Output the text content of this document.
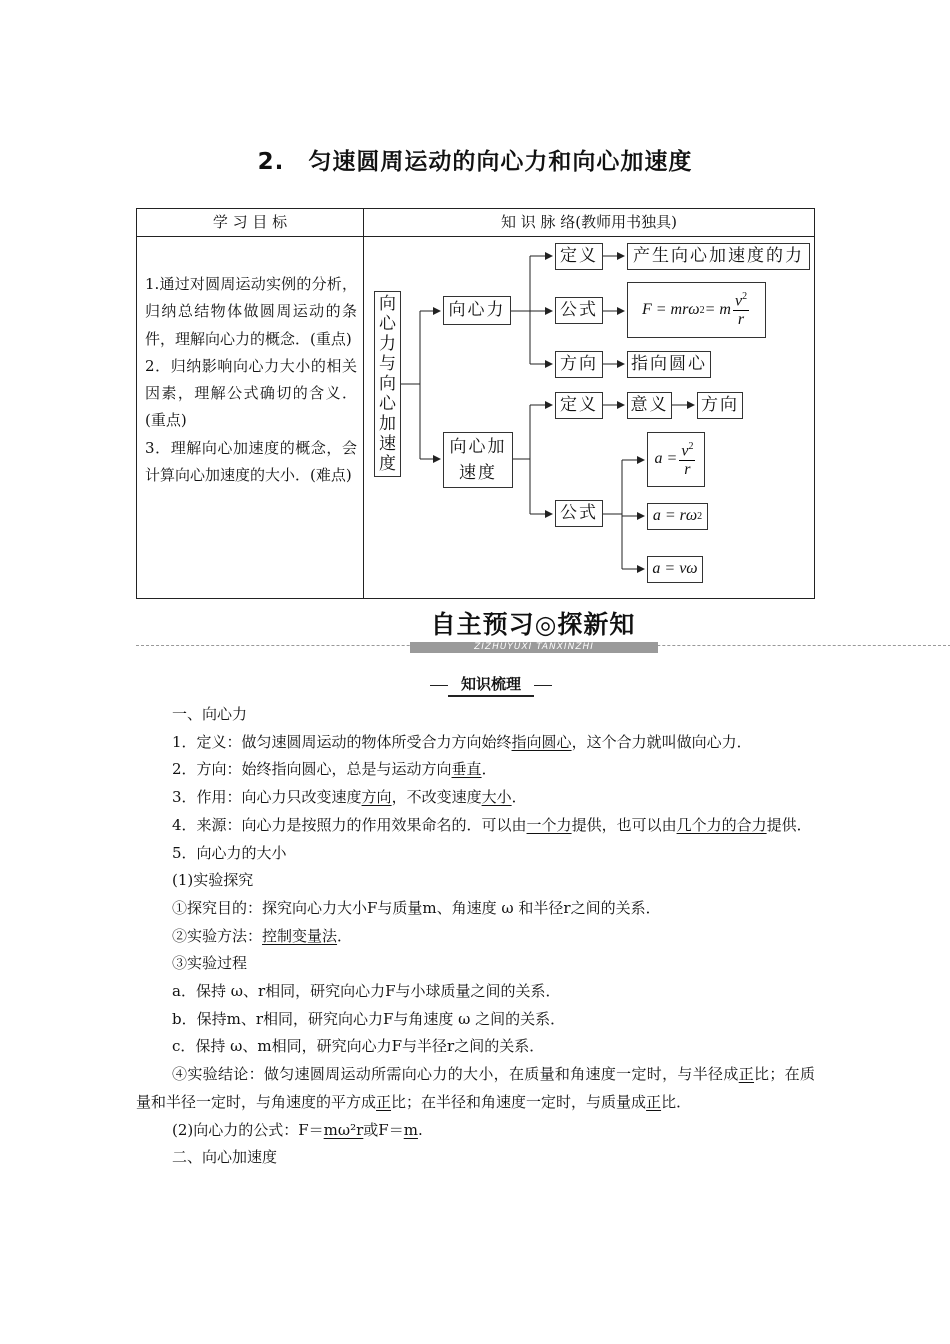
2.　匀速圆周运动的向心力和向心加速度
学 习 目 标	知 识 脉 络(教师用书独具)

1.通过对圆周运动实例的分析，归纳总结物体做圆周运动的条件，理解向心力的概念．(重点)

2．归纳影响向心力大小的相关因素，理解公式确切的含义．(重点)

3．理解向心加速度的概念，会计算向心加速度的大小．(难点)

向心力与向心加速度
向心力
向心加速度
定义	产生向心加速度的力
公式	F = mrω 2 = m $\frac{v^2}{r}$
方向 指向圆心
定义 意义 方向
公式
$a = \frac{v^2}{r}$
a = rω 2
a = vω
自主预习◎探新知
ZIZHUYUXI TANXINZHI
知识梳理

一、向心力

1．定义：做匀速圆周运动的物体所受合力方向始终指向圆心，这个合力就叫做向心力．

2．方向：始终指向圆心，总是与运动方向垂直．

3．作用：向心力只改变速度方向，不改变速度大小．

4．来源：向心力是按照力的作用效果命名的．可以由一个力提供，也可以由几个力的合力提供．

5．向心力的大小

(1)实验探究

①探究目的：探究向心力大小F与质量m、角速度 ω 和半径r之间的关系．

②实验方法：控制变量法．

③实验过程

a．保持 ω、r相同，研究向心力F与小球质量之间的关系．

b．保持m、r相同，研究向心力F与角速度 ω 之间的关系．

c．保持 ω、m相同，研究向心力F与半径r之间的关系．

④实验结论：做匀速圆周运动所需向心力的大小，在质量和角速度一定时，与半径成正比；在质量和半径一定时，与角速度的平方成正比；在半径和角速度一定时，与质量成正比．

(2)向心力的公式：F＝mω²r或F＝m.

二、向心加速度
